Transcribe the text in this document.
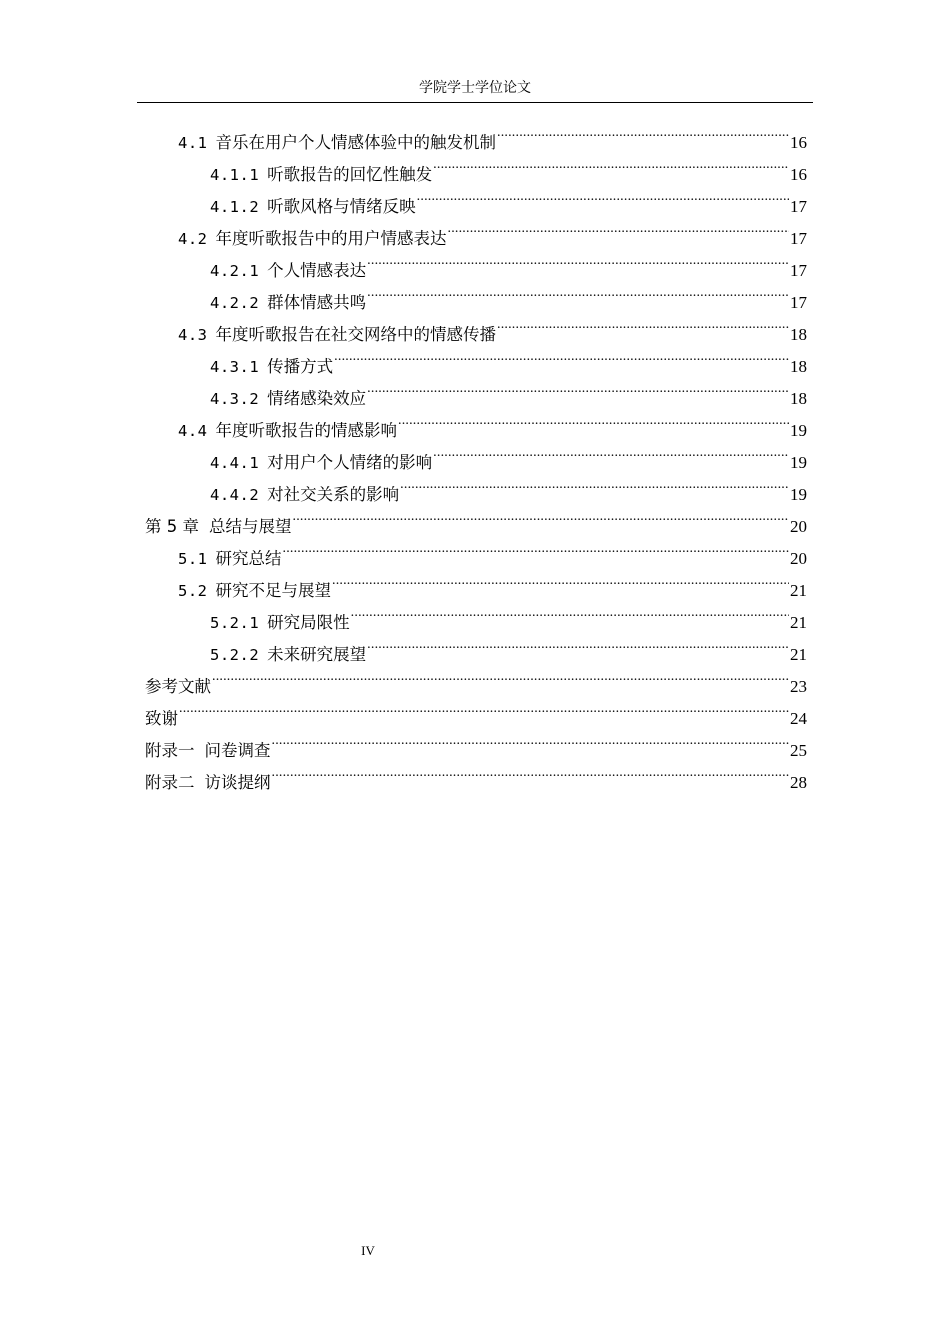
学院学士学位论文
4.1 音乐在用户个人情感体验中的触发机制 .....	16
4.1.1 听歌报告的回忆性触发 .....	16
4.1.2 听歌风格与情绪反映 .....	17
4.2 年度听歌报告中的用户情感表达 .....	17
4.2.1 个人情感表达 .....	17
4.2.2 群体情感共鸣 .....	17
4.3 年度听歌报告在社交网络中的情感传播 .....	18
4.3.1 传播方式 .....	18
4.3.2 情绪感染效应 .....	18
4.4 年度听歌报告的情感影响 .....	19
4.4.1 对用户个人情绪的影响 .....	19
4.4.2 对社交关系的影响 .....	19
第 5 章 总结与展望 .....	20
5.1 研究总结 .....	20
5.2 研究不足与展望 .....	21
5.2.1 研究局限性 .....	21
5.2.2 未来研究展望 .....	21
参考文献 .....	23
致谢 .....	24
附录一 问卷调查 .....	25
附录二 访谈提纲 .....	28
IV
